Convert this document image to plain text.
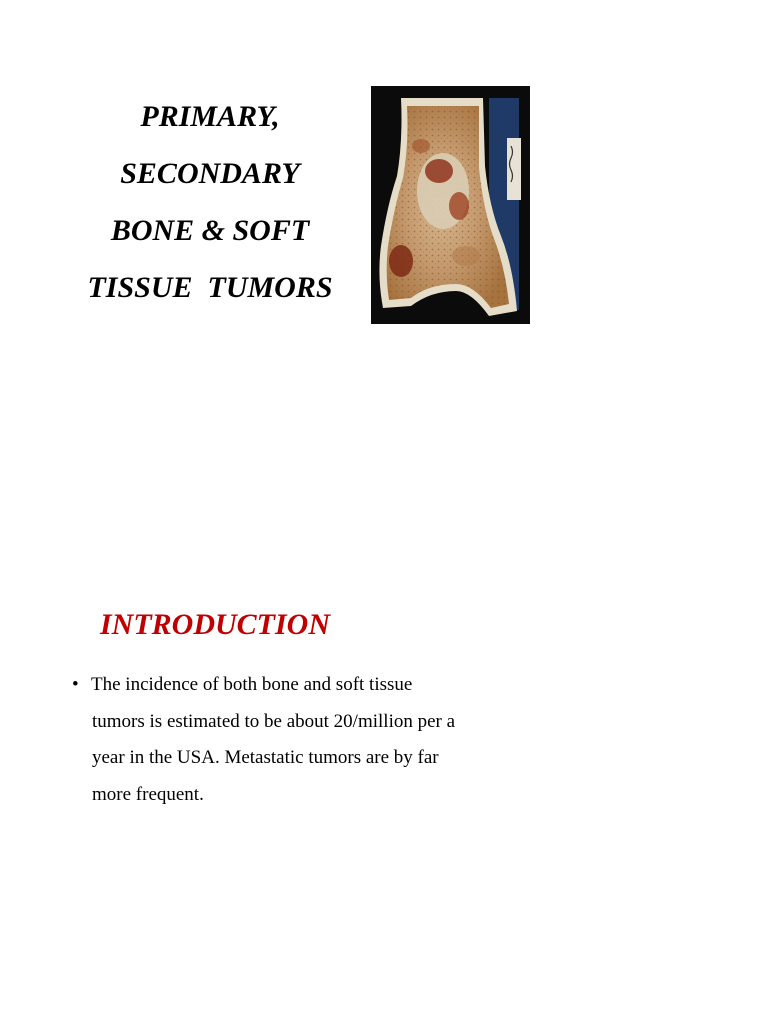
PRIMARY,
SECONDARY
BONE & SOFT
TISSUE  TUMORS
INTRODUCTION
• The incidence of both bone and soft tissue
tumors is estimated to be about 20/million per a
year in the USA. Metastatic tumors are by far
more frequent.
